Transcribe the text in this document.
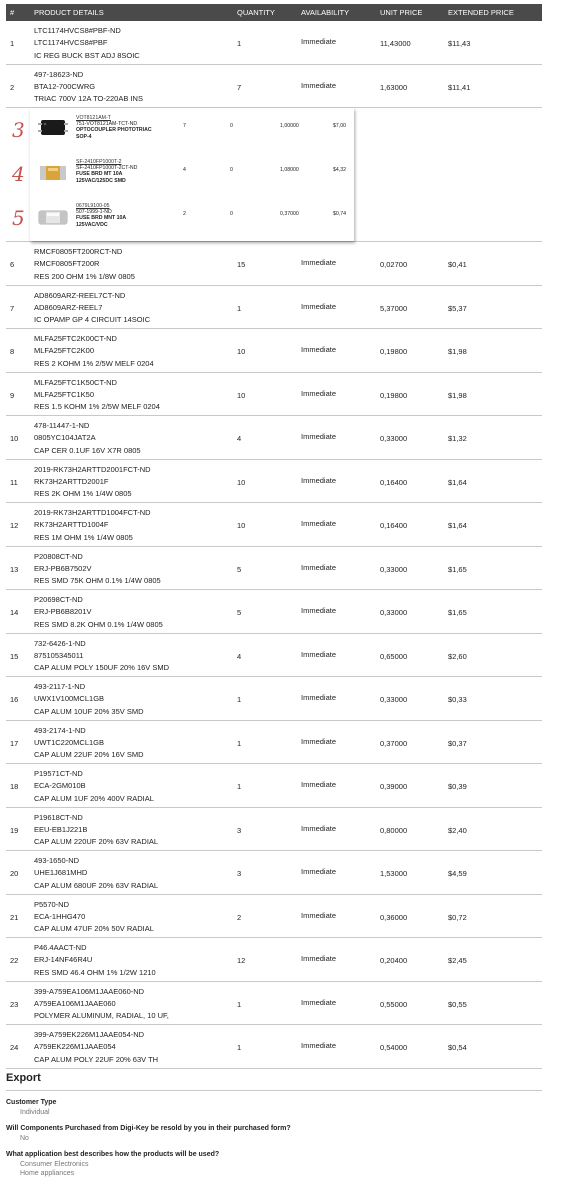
#	PRODUCT DETAILS	QUANTITY	AVAILABILITY	UNIT PRICE	EXTENDED PRICE
1
LTC1174HVCS8#PBF-ND
LTC1174HVCS8#PBF
IC REG BUCK BST ADJ 8SOIC
1	Immediate	11,43000	$11,43
2
497-18623-ND
BTA12-700CWRG
TRIAC 700V 12A TO-220AB INS
7	Immediate	1,63000	$11,41
3	VOT8121AM-T
751-VOT8121AM-TCT-ND
OPTOCOUPLER PHOTOTRIAC
SOP-4
7	0	1,00000	$7,00
4	SF-2410FP1000T-2
SF-2410FP1000T-2CT-ND
FUSE BRD MT 10A
125VAC/125DC SMD
4	0	1,08000	$4,32
5	0679L9100-05
507-1999-1-ND
FUSE BRD MNT 10A
125VAC/VDC
2	0	0,37000	$0,74
6
RMCF0805FT200RCT-ND
RMCF0805FT200R
RES 200 OHM 1% 1/8W 0805
15	Immediate	0,02700	$0,41
7
AD8609ARZ-REEL7CT-ND
AD8609ARZ-REEL7
IC OPAMP GP 4 CIRCUIT 14SOIC
1	Immediate	5,37000	$5,37
8
MLFA25FTC2K00CT-ND
MLFA25FTC2K00
RES 2 KOHM 1% 2/5W MELF 0204
10	Immediate	0,19800	$1,98
9
MLFA25FTC1K50CT-ND
MLFA25FTC1K50
RES 1.5 KOHM 1% 2/5W MELF 0204
10	Immediate	0,19800	$1,98
10
478-11447-1-ND
0805YC104JAT2A
CAP CER 0.1UF 16V X7R 0805
4	Immediate	0,33000	$1,32
11
2019-RK73H2ARTTD2001FCT-ND
RK73H2ARTTD2001F
RES 2K OHM 1% 1/4W 0805
10	Immediate	0,16400	$1,64
12
2019-RK73H2ARTTD1004FCT-ND
RK73H2ARTTD1004F
RES 1M OHM 1% 1/4W 0805
10	Immediate	0,16400	$1,64
13
P20808CT-ND
ERJ-PB6B7502V
RES SMD 75K OHM 0.1% 1/4W 0805
5	Immediate	0,33000	$1,65
14
P20698CT-ND
ERJ-PB6B8201V
RES SMD 8.2K OHM 0.1% 1/4W 0805
5	Immediate	0,33000	$1,65
15
732-6426-1-ND
875105345011
CAP ALUM POLY 150UF 20% 16V SMD
4	Immediate	0,65000	$2,60
16
493-2117-1-ND
UWX1V100MCL1GB
CAP ALUM 10UF 20% 35V SMD
1	Immediate	0,33000	$0,33
17
493-2174-1-ND
UWT1C220MCL1GB
CAP ALUM 22UF 20% 16V SMD
1	Immediate	0,37000	$0,37
18
P19571CT-ND
ECA-2GM010B
CAP ALUM 1UF 20% 400V RADIAL
1	Immediate	0,39000	$0,39
19
P19618CT-ND
EEU-EB1J221B
CAP ALUM 220UF 20% 63V RADIAL
3	Immediate	0,80000	$2,40
20
493-1650-ND
UHE1J681MHD
CAP ALUM 680UF 20% 63V RADIAL
3	Immediate	1,53000	$4,59
21
P5570-ND
ECA-1HHG470
CAP ALUM 47UF 20% 50V RADIAL
2	Immediate	0,36000	$0,72
22
P46.4AACT-ND
ERJ-14NF46R4U
RES SMD 46.4 OHM 1% 1/2W 1210
12	Immediate	0,20400	$2,45
23
399-A759EA106M1JAAE060-ND
A759EA106M1JAAE060
POLYMER ALUMINUM, RADIAL, 10 UF,
1	Immediate	0,55000	$0,55
24
399-A759EK226M1JAAE054-ND
A759EK226M1JAAE054
CAP ALUM POLY 22UF 20% 63V TH
1	Immediate	0,54000	$0,54
Export
Customer Type
Individual
Will Components Purchased from Digi-Key be resold by you in their purchased form?
No
What application best describes how the products will be used?
Consumer Electronics
Home appliances
